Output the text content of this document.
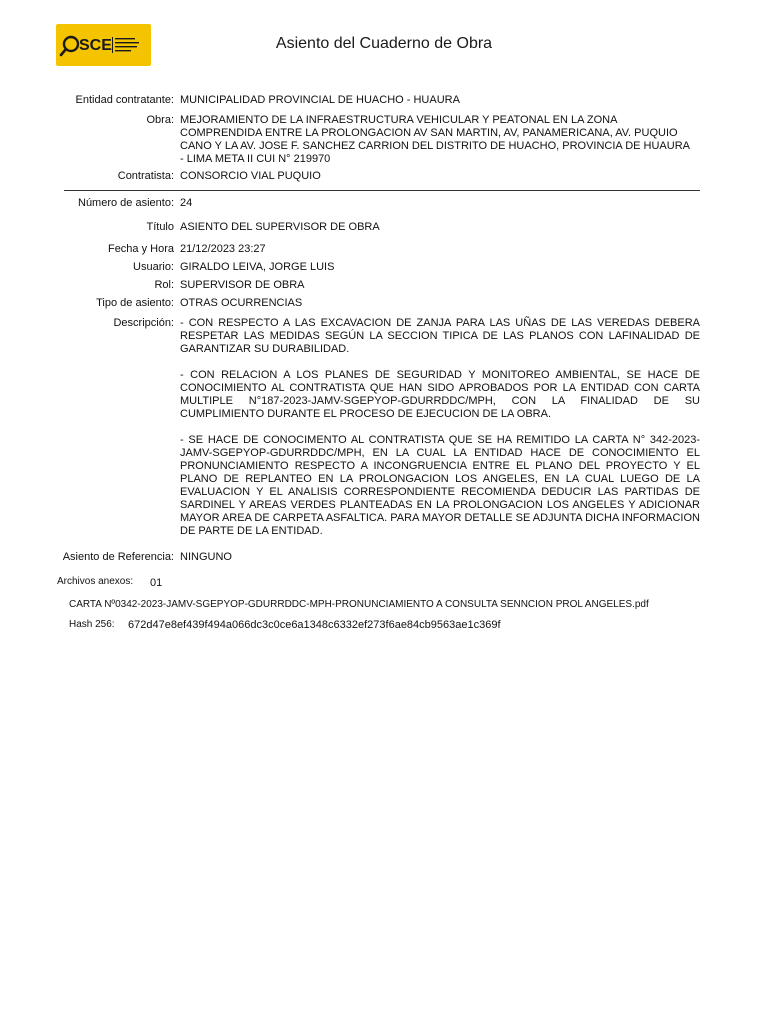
SCE	Asiento del Cuaderno de Obra
Entidad contratante: MUNICIPALIDAD PROVINCIAL DE HUACHO - HUAURA
Obra: MEJORAMIENTO DE LA INFRAESTRUCTURA VEHICULAR Y PEATONAL EN LA ZONA COMPRENDIDA ENTRE LA PROLONGACION AV SAN MARTIN, AV, PANAMERICANA, AV. PUQUIO CANO Y LA AV. JOSE F. SANCHEZ CARRION DEL DISTRITO DE HUACHO, PROVINCIA DE HUAURA - LIMA META II CUI N° 219970
Contratista: CONSORCIO VIAL PUQUIO
Número de asiento: 24
Título ASIENTO DEL SUPERVISOR DE OBRA
Fecha y Hora 21/12/2023 23:27
Usuario: GIRALDO LEIVA, JORGE LUIS
Rol: SUPERVISOR DE OBRA
Tipo de asiento: OTRAS OCURRENCIAS
Descripción: - CON RESPECTO A LAS EXCAVACION DE ZANJA PARA LAS UÑAS DE LAS VEREDAS DEBERA RESPETAR LAS MEDIDAS SEGÚN LA SECCION TIPICA DE LAS PLANOS CON LAFINALIDAD DE GARANTIZAR SU DURABILIDAD.

- CON RELACION A LOS PLANES DE SEGURIDAD Y MONITOREO AMBIENTAL, SE HACE DE CONOCIMIENTO AL CONTRATISTA QUE HAN SIDO APROBADOS POR LA ENTIDAD CON CARTA MULTIPLE N°187-2023-JAMV-SGEPYOP-GDURRDDC/MPH, CON LA FINALIDAD DE SU CUMPLIMIENTO DURANTE EL PROCESO DE EJECUCION DE LA OBRA.

- SE HACE DE CONOCIMENTO AL CONTRATISTA QUE SE HA REMITIDO LA CARTA N° 342-2023-JAMV-SGEPYOP-GDURRDDC/MPH, EN LA CUAL LA ENTIDAD HACE DE CONOCIMIENTO EL PRONUNCIAMIENTO RESPECTO A INCONGRUENCIA ENTRE EL PLANO DEL PROYECTO Y EL PLANO DE REPLANTEO EN LA PROLONGACION LOS ANGELES, EN LA CUAL LUEGO DE LA EVALUACION Y EL ANALISIS CORRESPONDIENTE RECOMIENDA DEDUCIR LAS PARTIDAS DE SARDINEL Y AREAS VERDES PLANTEADAS EN LA PROLONGACION LOS ANGELES Y ADICIONAR MAYOR AREA DE CARPETA ASFALTICA. PARA MAYOR DETALLE SE ADJUNTA DICHA INFORMACION DE PARTE DE LA ENTIDAD.

Asiento de Referencia: NINGUNO
Archivos anexos: 01
CARTA Nº0342-2023-JAMV-SGEPYOP-GDURRDDC-MPH-PRONUNCIAMIENTO A CONSULTA SENNCION PROL ANGELES.pdf
Hash 256: 672d47e8ef439f494a066dc3c0ce6a1348c6332ef273f6ae84cb9563ae1c369f
